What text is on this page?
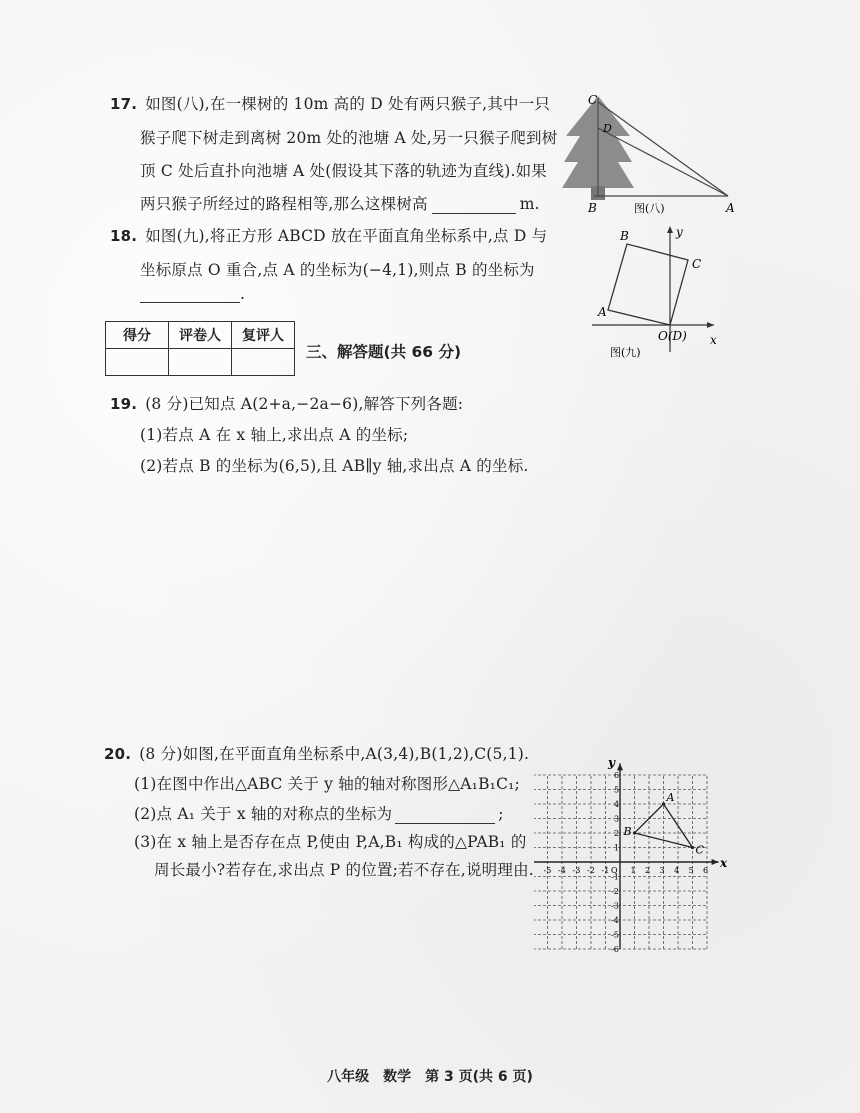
17. 如图(八),在一棵树的 10m 高的 D 处有两只猴子,其中一只
猴子爬下树走到离树 20m 处的池塘 A 处,另一只猴子爬到树
顶 C 处后直扑向池塘 A 处(假设其下落的轨迹为直线).如果
两只猴子所经过的路程相等,那么这棵树高	m.
C
D
B	A
图(八)
18. 如图(九),将正方形 ABCD 放在平面直角坐标系中,点 D 与
坐标原点 O 重合,点 A 的坐标为(−4,1),则点 B 的坐标为
.
B
C
A
O(D) x
y
图(九)
得分	评卷人	复评人

三、解答题(共 66 分)
19. (8 分)已知点 A(2+a,−2a−6),解答下列各题:
(1)若点 A 在 x 轴上,求出点 A 的坐标;
(2)若点 B 的坐标为(6,5),且 AB∥y 轴,求出点 A 的坐标.
20. (8 分)如图,在平面直角坐标系中,A(3,4),B(1,2),C(5,1).
(1)在图中作出△ABC 关于 y 轴的轴对称图形△A₁B₁C₁;
(2)点 A₁ 关于 x 轴的对称点的坐标为	;
(3)在 x 轴上是否存在点 P,使由 P,A,B₁ 构成的△PAB₁ 的
周长最小?若存在,求出点 P 的位置;若不存在,说明理由. -5 -4 -3 -2 -1 O 1 2 3 4 5 6
6
5
4
3
2
1
-1
-2
-3
-4
-5
-6
x
y
A
B
C
八年级　数学　第 3 页(共 6 页)
